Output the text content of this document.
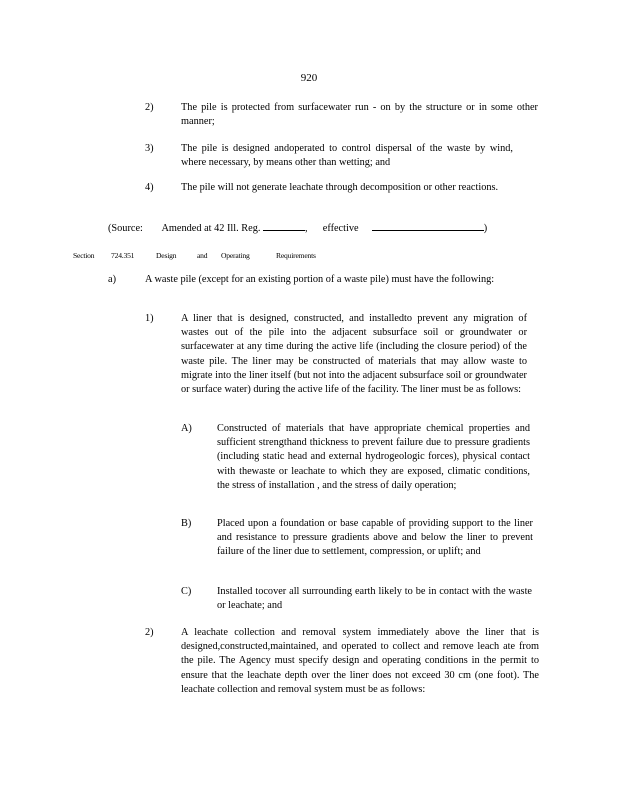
920
2)	The pile is protected from surfacewater run - on by the structure or in some other manner;
3)	The pile is designed andoperated to control dispersal of the waste by wind, where necessary, by means other than wetting; and
4)	The pile will not generate leachate through decomposition or other reactions.
(Source: Amended at 42 Ill. Reg.	,  effective	)
Section 724.351	Design	and Operating	Requirements
a)	A waste pile (except for an existing portion of a waste pile) must have the following:
1)	A liner that is designed, constructed, and installedto prevent any migration of wastes out of the pile into the adjacent subsurface soil or groundwater or surfacewater at any time during the active life (including the closure period) of the waste pile. The liner may be constructed of materials that may allow waste to migrate into the liner itself (but not into the adjacent subsurface soil or groundwater or surface water) during the active life of the facility. The liner must be as follows:
A) Constructed of materials that have appropriate chemical properties and sufficient strengthand thickness to prevent failure due to pressure gradients (including static head and external hydrogeologic forces), physical contact with thewaste or leachate to which they are exposed, climatic conditions, the stress of installation , and the stress of daily operation;
B) Placed upon a foundation or base capable of providing support to the liner and resistance to pressure gradients above and below the liner to prevent failure of the liner due to settlement, compression, or uplift; and
C) Installed tocover all surrounding earth likely to be in contact with the waste or leachate; and
2)	A leachate collection and removal system immediately above the liner that is designed,constructed,maintained, and operated to collect and remove leach ate from the pile. The Agency must specify design and operating conditions in the permit to ensure that the leachate depth over the liner does not exceed 30 cm (one foot). The leachate collection and removal system must be as follows:
